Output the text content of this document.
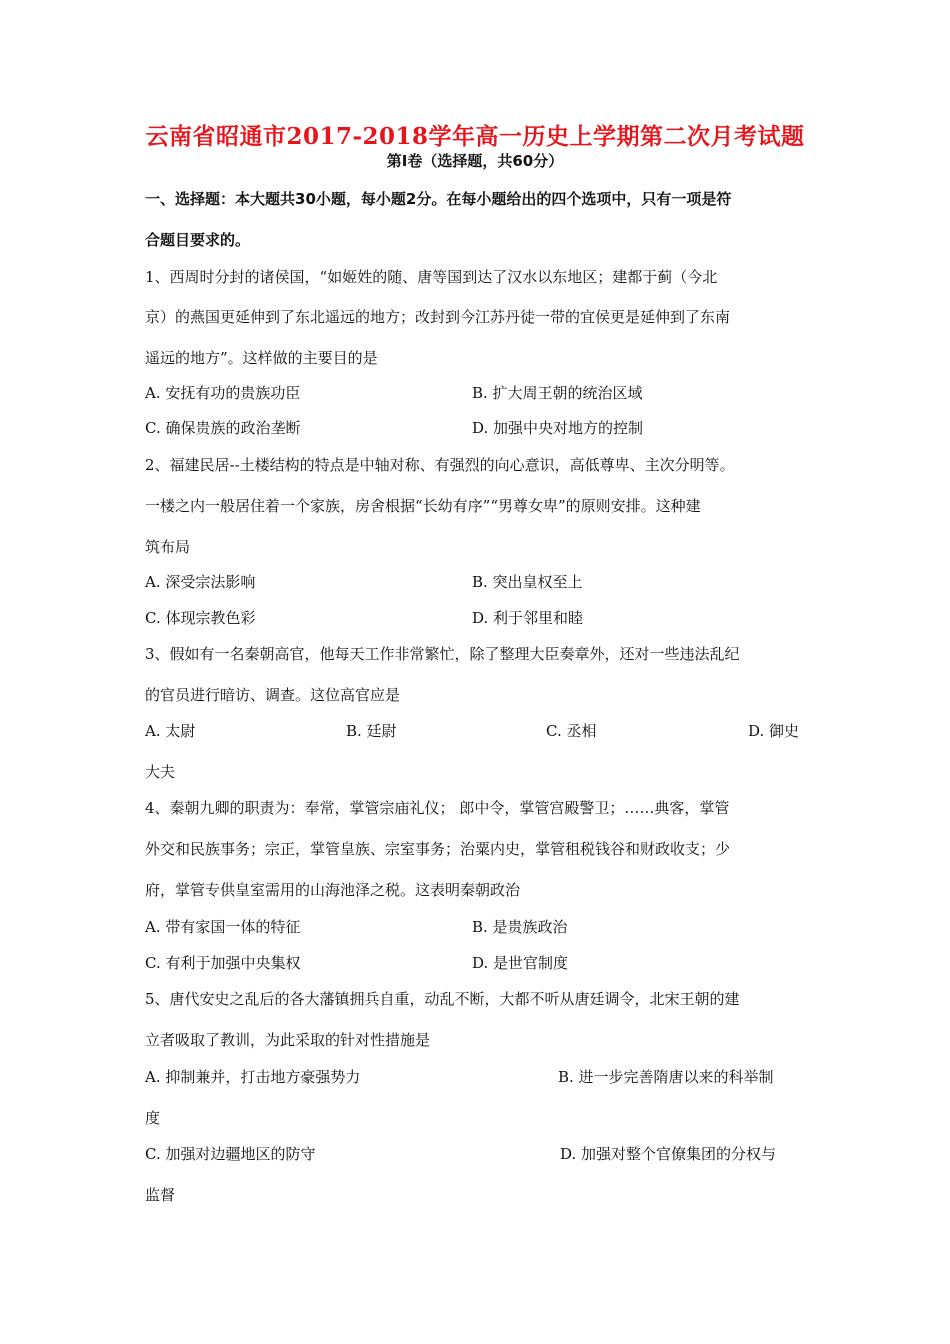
云南省昭通市2017-2018学年高一历史上学期第二次月考试题
第Ⅰ卷（选择题，共60分）
一、选择题：本大题共30小题，每小题2分。在每小题给出的四个选项中，只有一项是符
合题目要求的。
1、西周时分封的诸侯国，“如姬姓的随、唐等国到达了汉水以东地区；建都于蓟（今北
京）的燕国更延伸到了东北遥远的地方；改封到今江苏丹徒一带的宜侯更是延伸到了东南
遥远的地方”。这样做的主要目的是
A. 安抚有功的贵族功臣	B. 扩大周王朝的统治区域
C. 确保贵族的政治垄断	D. 加强中央对地方的控制
2、福建民居--土楼结构的特点是中轴对称、有强烈的向心意识，高低尊卑、主次分明等。
一楼之内一般居住着一个家族，房舍根据“长幼有序”“男尊女卑”的原则安排。这种建
筑布局
A. 深受宗法影响	B. 突出皇权至上
C. 体现宗教色彩	D. 利于邻里和睦
3、假如有一名秦朝高官，他每天工作非常繁忙，除了整理大臣奏章外，还对一些违法乱纪
的官员进行暗访、调查。这位高官应是
A. 太尉	B. 廷尉	C. 丞相	D. 御史
大夫
4、秦朝九卿的职责为：奉常，掌管宗庙礼仪； 郎中令，掌管宫殿警卫；……典客，掌管
外交和民族事务；宗正，掌管皇族、宗室事务；治粟内史，掌管租税钱谷和财政收支；少
府，掌管专供皇室需用的山海池泽之税。这表明秦朝政治
A. 带有家国一体的特征	B. 是贵族政治
C. 有利于加强中央集权	D. 是世官制度
5、唐代安史之乱后的各大藩镇拥兵自重，动乱不断，大都不听从唐廷调令，北宋王朝的建
立者吸取了教训，为此采取的针对性措施是
A. 抑制兼并，打击地方豪强势力	B. 进一步完善隋唐以来的科举制
度
C. 加强对边疆地区的防守	D. 加强对整个官僚集团的分权与
监督
